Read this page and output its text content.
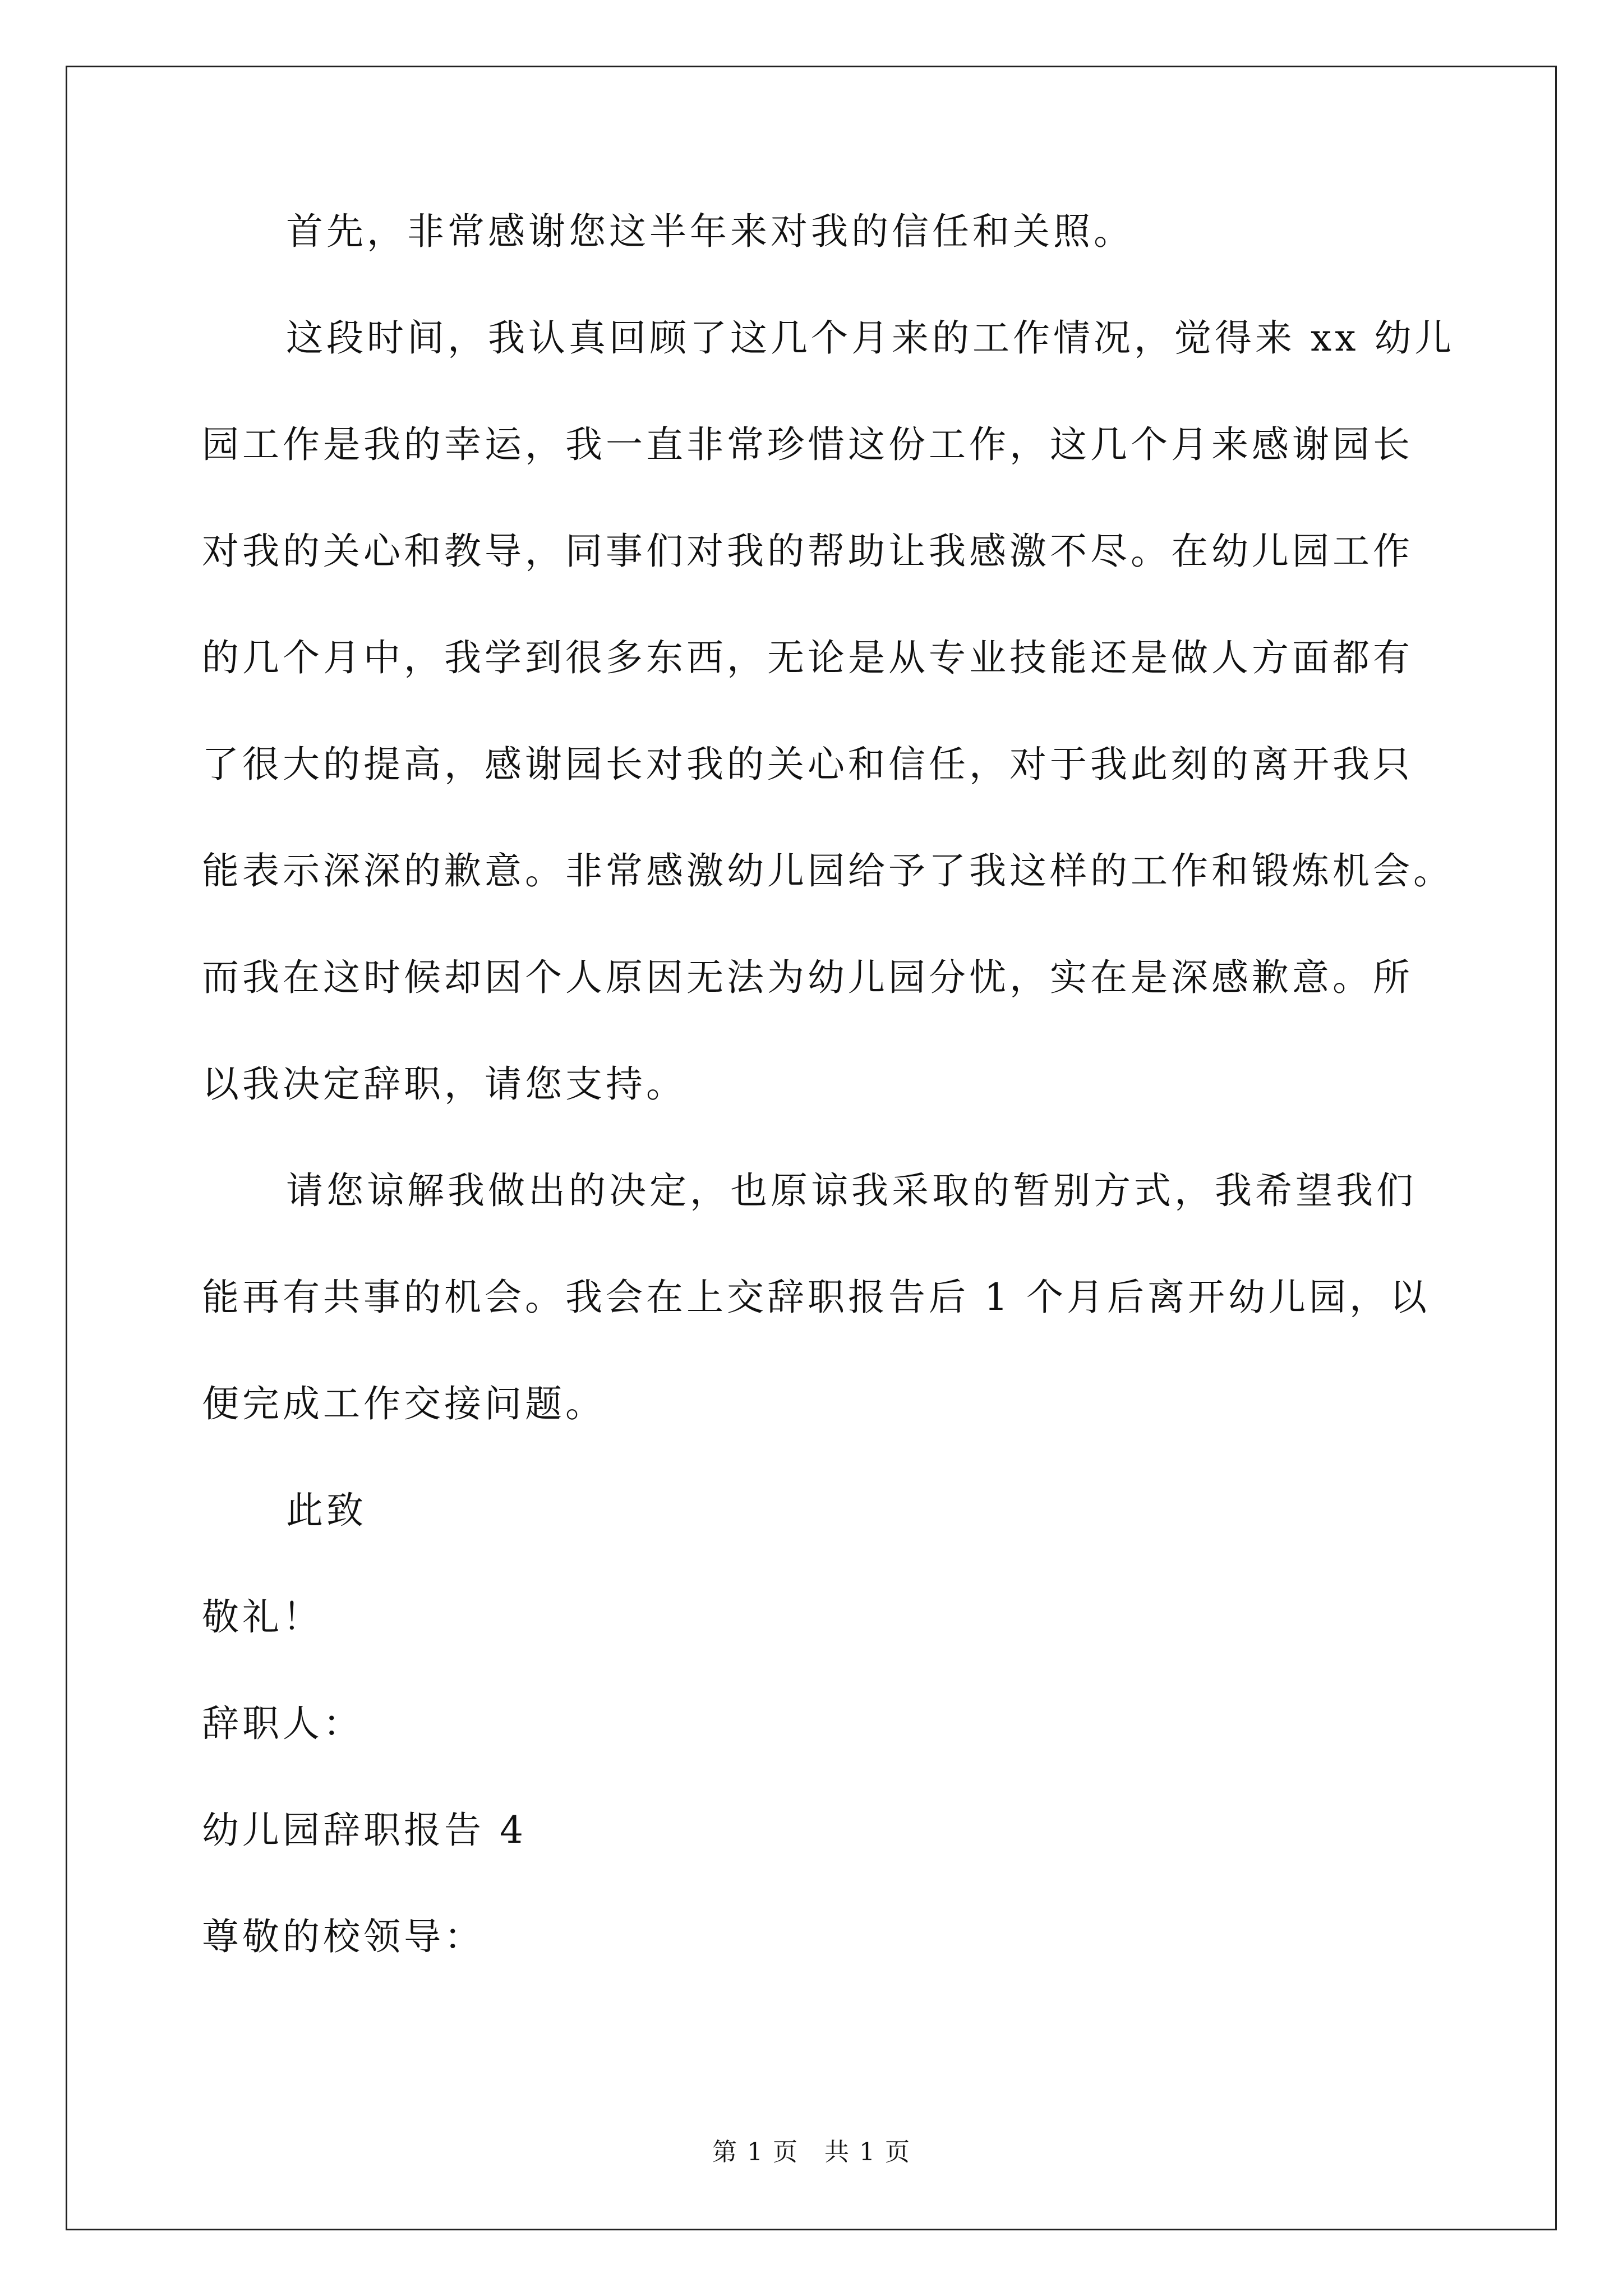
首先，非常感谢您这半年来对我的信任和关照。
这段时间，我认真回顾了这几个月来的工作情况，觉得来 xx 幼儿
园工作是我的幸运，我一直非常珍惜这份工作，这几个月来感谢园长
对我的关心和教导，同事们对我的帮助让我感激不尽。在幼儿园工作
的几个月中，我学到很多东西，无论是从专业技能还是做人方面都有
了很大的提高，感谢园长对我的关心和信任，对于我此刻的离开我只
能表示深深的歉意。非常感激幼儿园给予了我这样的工作和锻炼机会。
而我在这时候却因个人原因无法为幼儿园分忧，实在是深感歉意。所
以我决定辞职，请您支持。
请您谅解我做出的决定，也原谅我采取的暂别方式，我希望我们
能再有共事的机会。我会在上交辞职报告后 1 个月后离开幼儿园，以
便完成工作交接问题。
此致
敬礼！
辞职人：
幼儿园辞职报告 4
尊敬的校领导：
第 1 页　共 1 页
